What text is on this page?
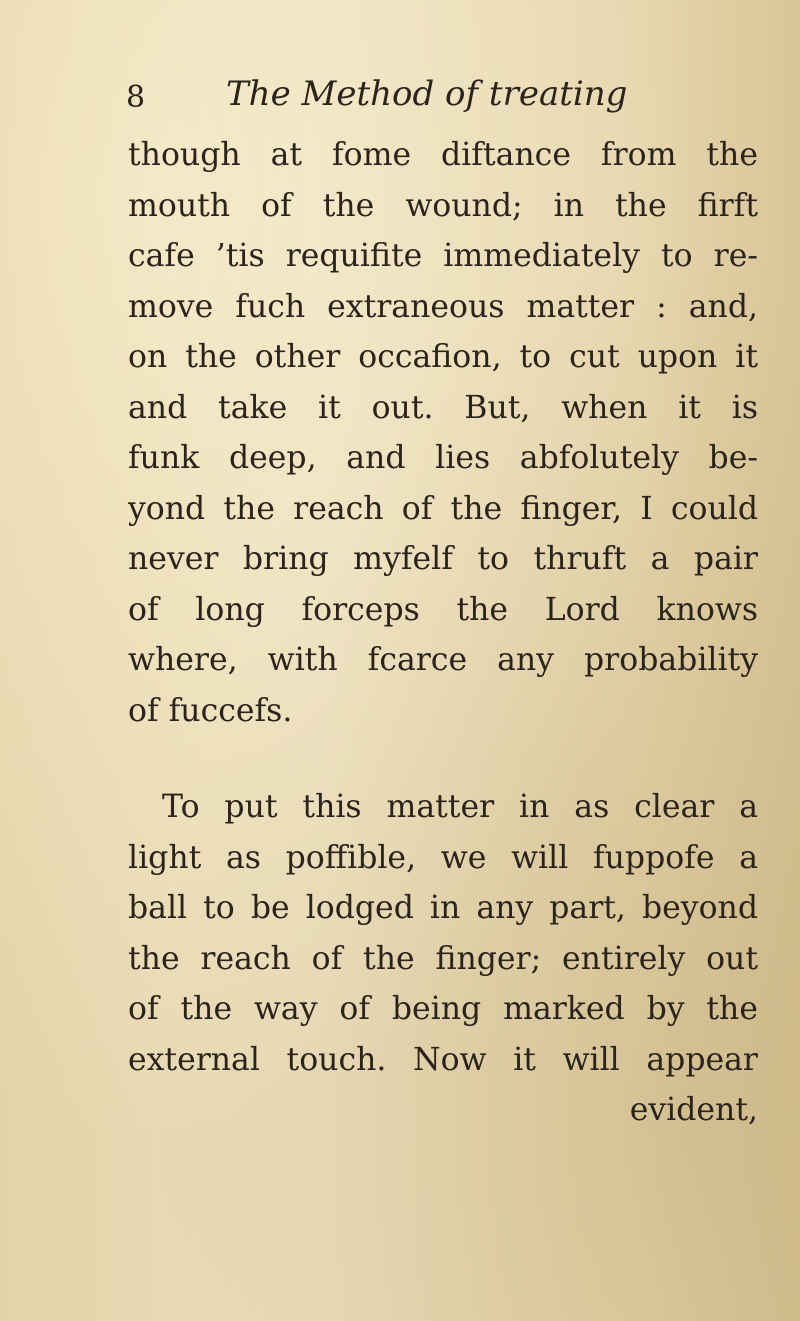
8 The Method of treating
though at fome diftance from the
mouth of the wound; in the firft
cafe ’tis requifite immediately to re-
move fuch extraneous matter : and,
on the other occafion, to cut upon it
and take it out. But, when it is
funk deep, and lies abfolutely be-
yond the reach of the finger, I could
never bring myfelf to thruft a pair
of long forceps the Lord knows
where, with fcarce any probability
of fuccefs.
To put this matter in as clear a
light as poffible, we will fuppofe a
ball to be lodged in any part, beyond
the reach of the finger; entirely out
of the way of being marked by the
external touch. Now it will appear
evident,
